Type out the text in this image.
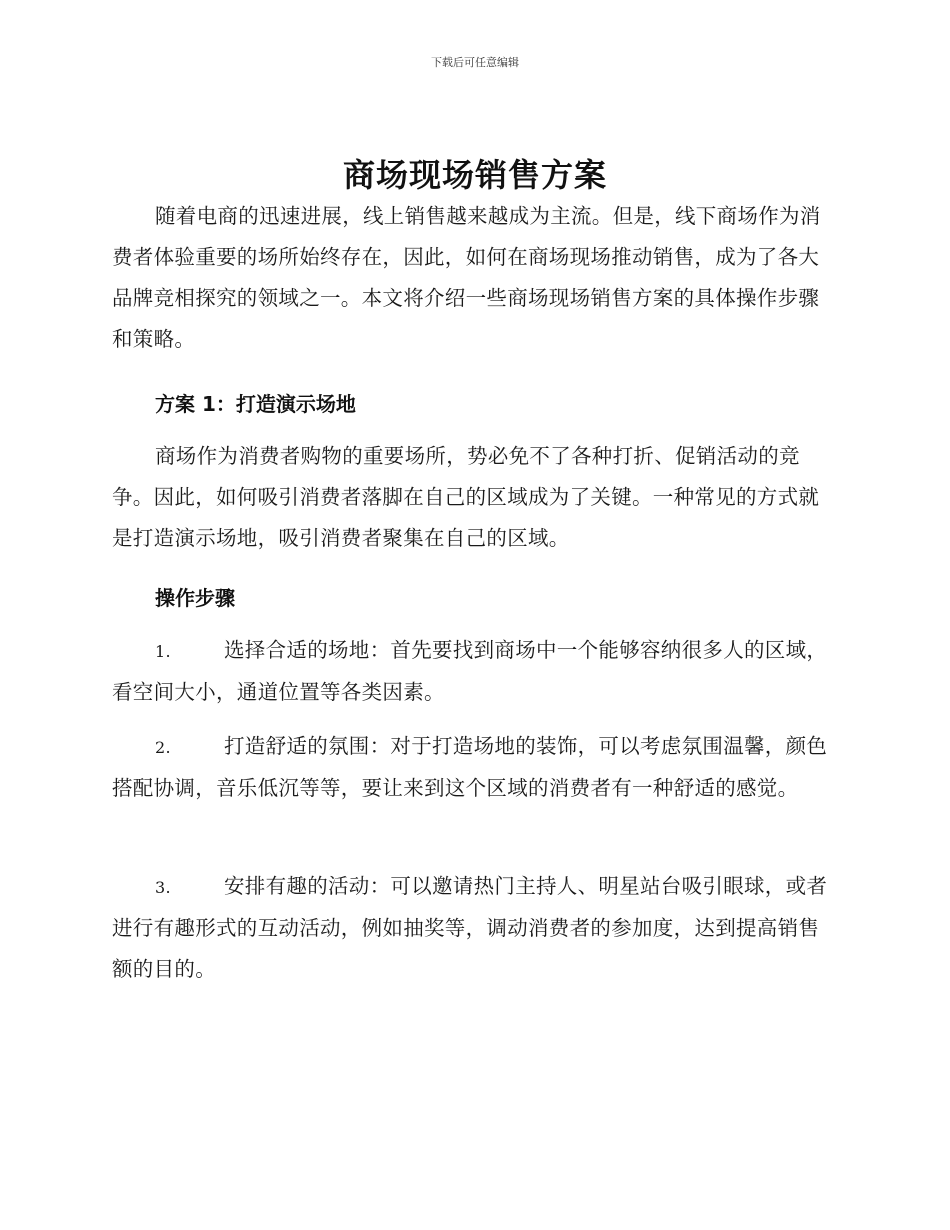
下载后可任意编辑
商场现场销售方案
随着电商的迅速进展，线上销售越来越成为主流。但是，线下商场作为消费者体验重要的场所始终存在，因此，如何在商场现场推动销售，成为了各大品牌竞相探究的领域之一。本文将介绍一些商场现场销售方案的具体操作步骤和策略。
方案 1：打造演示场地
商场作为消费者购物的重要场所，势必免不了各种打折、促销活动的竞争。因此，如何吸引消费者落脚在自己的区域成为了关键。一种常见的方式就是打造演示场地，吸引消费者聚集在自己的区域。
操作步骤
1.	选择合适的场地：首先要找到商场中一个能够容纳很多人的区域，看空间大小，通道位置等各类因素。
2.	打造舒适的氛围：对于打造场地的装饰，可以考虑氛围温馨，颜色搭配协调，音乐低沉等等，要让来到这个区域的消费者有一种舒适的感觉。
3.	安排有趣的活动：可以邀请热门主持人、明星站台吸引眼球，或者进行有趣形式的互动活动，例如抽奖等，调动消费者的参加度，达到提高销售额的目的。
